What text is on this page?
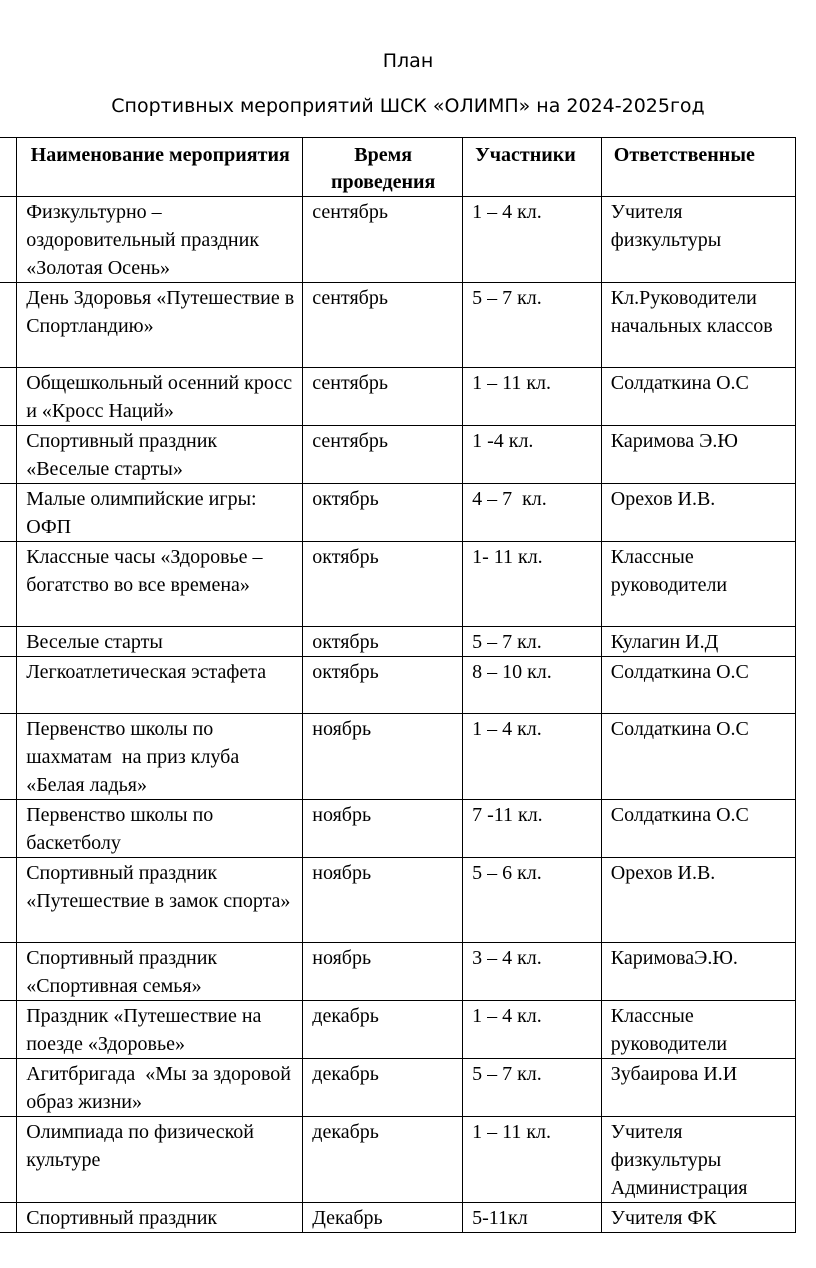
План
Спортивных мероприятий ШСК «ОЛИМП» на 2024-2025год
	Наименование мероприятия	Время проведения	Участники	Ответственные
	Физкультурно – оздоровительный праздник «Золотая Осень»	сентябрь	1 – 4 кл.	Учителя физкультуры
	День Здоровья «Путешествие в Спортландию»	сентябрь	5 – 7 кл.	Кл.Руководители начальных классов
	Общешкольный осенний кросс и «Кросс Наций»	сентябрь	1 – 11 кл.	Солдаткина О.С
	Спортивный праздник «Веселые старты»	сентябрь	1 -4 кл.	Каримова Э.Ю
	Малые олимпийские игры: ОФП	октябрь	4 – 7  кл.	Орехов И.В.
	Классные часы «Здоровье – богатство во все времена»	октябрь	1- 11 кл.	Классные руководители
	Веселые старты	октябрь	5 – 7 кл.	Кулагин И.Д
	Легкоатлетическая эстафета	октябрь	8 – 10 кл.	Солдаткина О.С
	Первенство школы по шахматам  на приз клуба «Белая ладья»	ноябрь	1 – 4 кл.	Солдаткина О.С
	Первенство школы по баскетболу	ноябрь	7 -11 кл.	Солдаткина О.С
	Спортивный праздник «Путешествие в замок спорта»	ноябрь	5 – 6 кл.	Орехов И.В.
	Спортивный праздник «Спортивная семья»	ноябрь	3 – 4 кл.	КаримоваЭ.Ю.
	Праздник «Путешествие на поезде «Здоровье»	декабрь	1 – 4 кл.	Классные руководители
	Агитбригада  «Мы за здоровой образ жизни»	декабрь	5 – 7 кл.	Зубаирова И.И
	Олимпиада по физической культуре	декабрь	1 – 11 кл.	Учителя физкультуры Администрация
	Спортивный праздник	Декабрь	5-11кл	Учителя ФК
